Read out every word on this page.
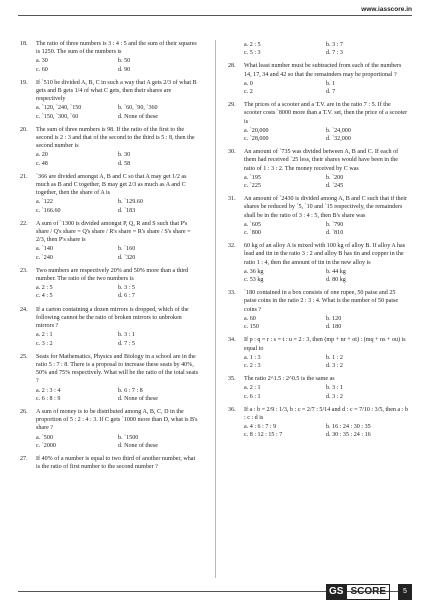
www.iasscore.in
18. The ratio of three numbers is 3 : 4 : 5 and the sum of their squares is 1250. The sum of the numbers is
a. 30	b. 50
c. 60	d. 90
19. If `510 be divided A, B, C in such a way that A gets 2/3 of what B gets and B gets 1/4 of what C gets, then their shares are respectively
a. `120, `240, `150	b. `60, `90, `360
c. `150, `300, `60	d. None of these
20. The sum of three numbers is 98. If the ratio of the first to the second is 2 : 3 and that of the second to the third is 5 : 8, then the second number is
a. 20	b. 30
c. 48	d. 58
21. `366 are divided amongst A, B and C so that A may get 1/2 as much as B and C together, B may get 2/3 as much as A and C together, then the share of A is
a. `122	b. `129.60
c. `166.60	d. `183
22. A sum of `1300 is divided amongst P, Q, R and S such that P's share / Q's share = Q's share / R's share = R's share / S's share = 2/3, then P's share is
a. `140	b. `160
c. `240	d. `320
23. Two numbers are respectively 20% and 50% more than a third number. The ratio of the two numbers is
a. 2 : 5	b. 3 : 5
c. 4 : 5	d. 6 : 7
24. If a carton containing a dozen mirrors is dropped, which of the following cannot be the ratio of broken mirrors to unbroken mirrors ?
a. 2 : 1	b. 3 : 1
c. 3 : 2	d. 7 : 5
25. Seats for Mathematics, Physics and Biology in a school are in the ratio 5 : 7 : 8. There is a proposal to increase these seats by 40%, 50% and 75% respectively. What will be the ratio of the total seats ?
a. 2 : 3 : 4	b. 6 : 7 : 8
c. 6 : 8 : 9	d. None of these
26. A sum of money is to be distributed among A, B, C, D in the proportion of 5 : 2 : 4 : 3. If C gets `1000 more than D, what is B's share ?
a. `500	b. `1500
c. `2000	d. None of these
27. If 40% of a number is equal to two third of another number, what is the ratio of first number to the second number ?
a. 2 : 5	b. 3 : 7
c. 5 : 3	d. 7 : 3
28. What least number must be subtracted from each of the numbers 14, 17, 34 and 42 so that the remainders may be proportional ?
a. 0	b. 1
c. 2	d. 7
29. The prices of a scooter and a T.V. are in the ratio 7 : 5. If the scooter costs `8000 more than a T.V. set, then the price of a scooter is
a. `20,000	b. `24,000
c. `28,000	d. `32,000
30. An amount of `735 was divided between A, B and C. If each of them had received `25 less, their shares would have been in the ratio of 1 : 3 : 2. The money received by C was
a. `195	b. `200
c. `225	d. `245
31. An amount of `2430 is divided among A, B and C such that if their shares be reduced by `5, `10 and `15 respectively, the remainders shall be in the ratio of 3 : 4 : 5, then B's share was
a. `605	b. `790
c. `800	d. `810
32. 60 kg of an alloy A is mixed with 100 kg of alloy B. If alloy A has lead and tin in the ratio 3 : 2 and alloy B has tin and copper in the ratio 1 : 4, then the amount of tin in the new alloy is
a. 36 kg	b. 44 kg
c. 53 kg	d. 80 kg
33. `180 contained in a box consists of one rupee, 50 paise and 25 paise coins in the ratio 2 : 3 : 4. What is the number of 50 paise coins ?
a. 60	b. 120
c. 150	d. 180
34. If p : q = r : s = t : u = 2 : 3, then (mp + nr + ot) : (mq + ns + ou) is equal to
a. 1 : 3	b. 1 : 2
c. 2 : 3	d. 3 : 2
35. The ratio 2^1.5 : 2^0.5 is the same as
a. 2 : 1	b. 3 : 1
c. 6 : 1	d. 3 : 2
36. If a : b = 2/9 : 1/3, b : c = 2/7 : 5/14 and d : c = 7/10 : 3/5, then a : b : c : d is
a. 4 : 6 : 7 : 9	b. 16 : 24 : 30 : 35
c. 8 : 12 : 15 : 7	d. 30 : 35 : 24 : 16
GS SCORE	5
